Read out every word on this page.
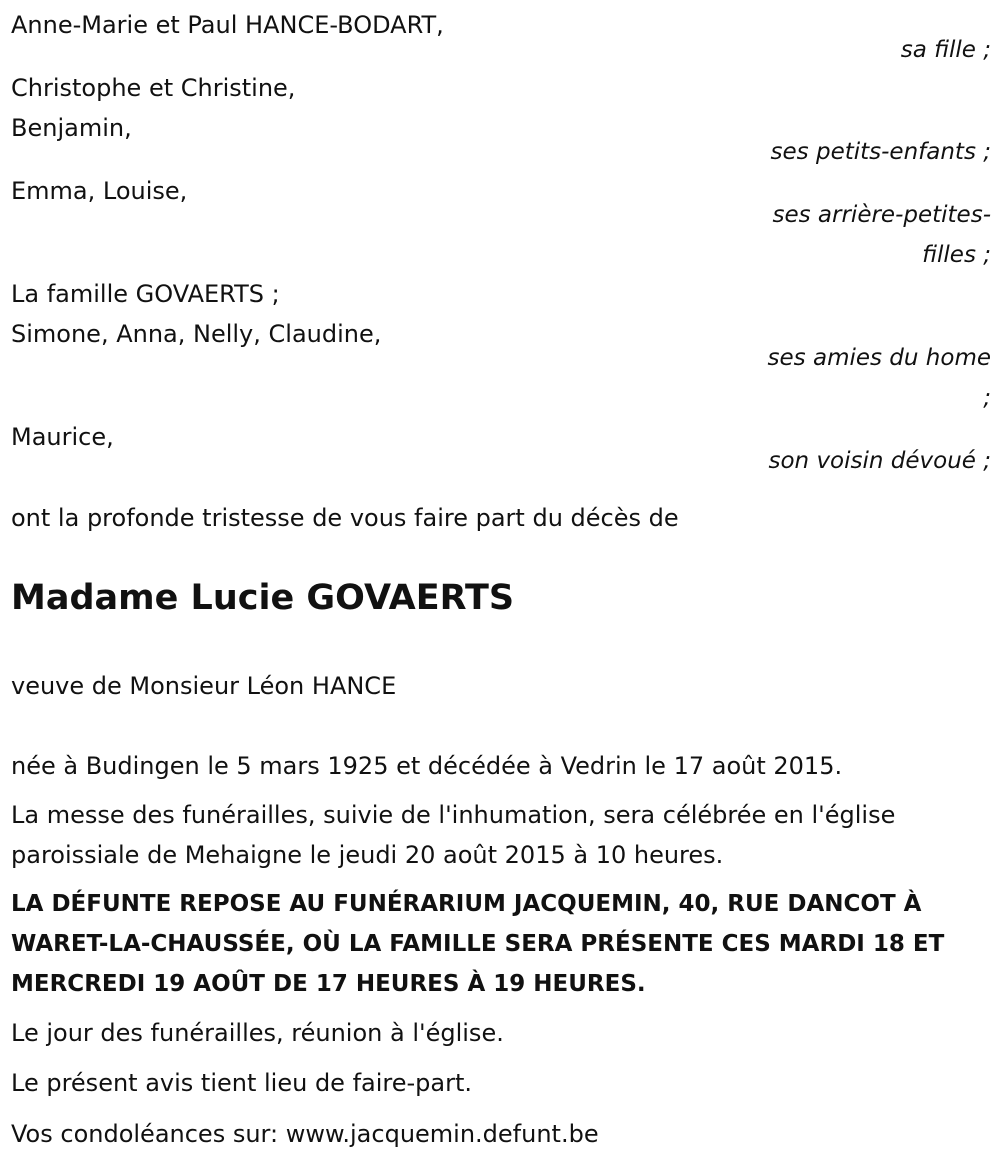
Anne-Marie et Paul HANCE-BODART,
sa fille ;
Christophe et Christine,
Benjamin,
ses petits-enfants ;
Emma, Louise,
ses arrière-petites-
filles ;
La famille GOVAERTS ;
Simone, Anna, Nelly, Claudine,
ses amies du home
;
Maurice,
son voisin dévoué ;
ont la profonde tristesse de vous faire part du décès de
Madame Lucie GOVAERTS
veuve de Monsieur Léon HANCE
née à Budingen le 5 mars 1925 et décédée à Vedrin le 17 août 2015.
La messe des funérailles, suivie de l'inhumation, sera célébrée en l'église
paroissiale de Mehaigne le jeudi 20 août 2015 à 10 heures.
LA DÉFUNTE REPOSE AU FUNÉRARIUM JACQUEMIN, 40, RUE DANCOT À
WARET-LA-CHAUSSÉE, OÙ LA FAMILLE SERA PRÉSENTE CES MARDI 18 ET
MERCREDI 19 AOÛT DE 17 HEURES À 19 HEURES.
Le jour des funérailles, réunion à l'église.
Le présent avis tient lieu de faire-part.
Vos condoléances sur: www.jacquemin.defunt.be
